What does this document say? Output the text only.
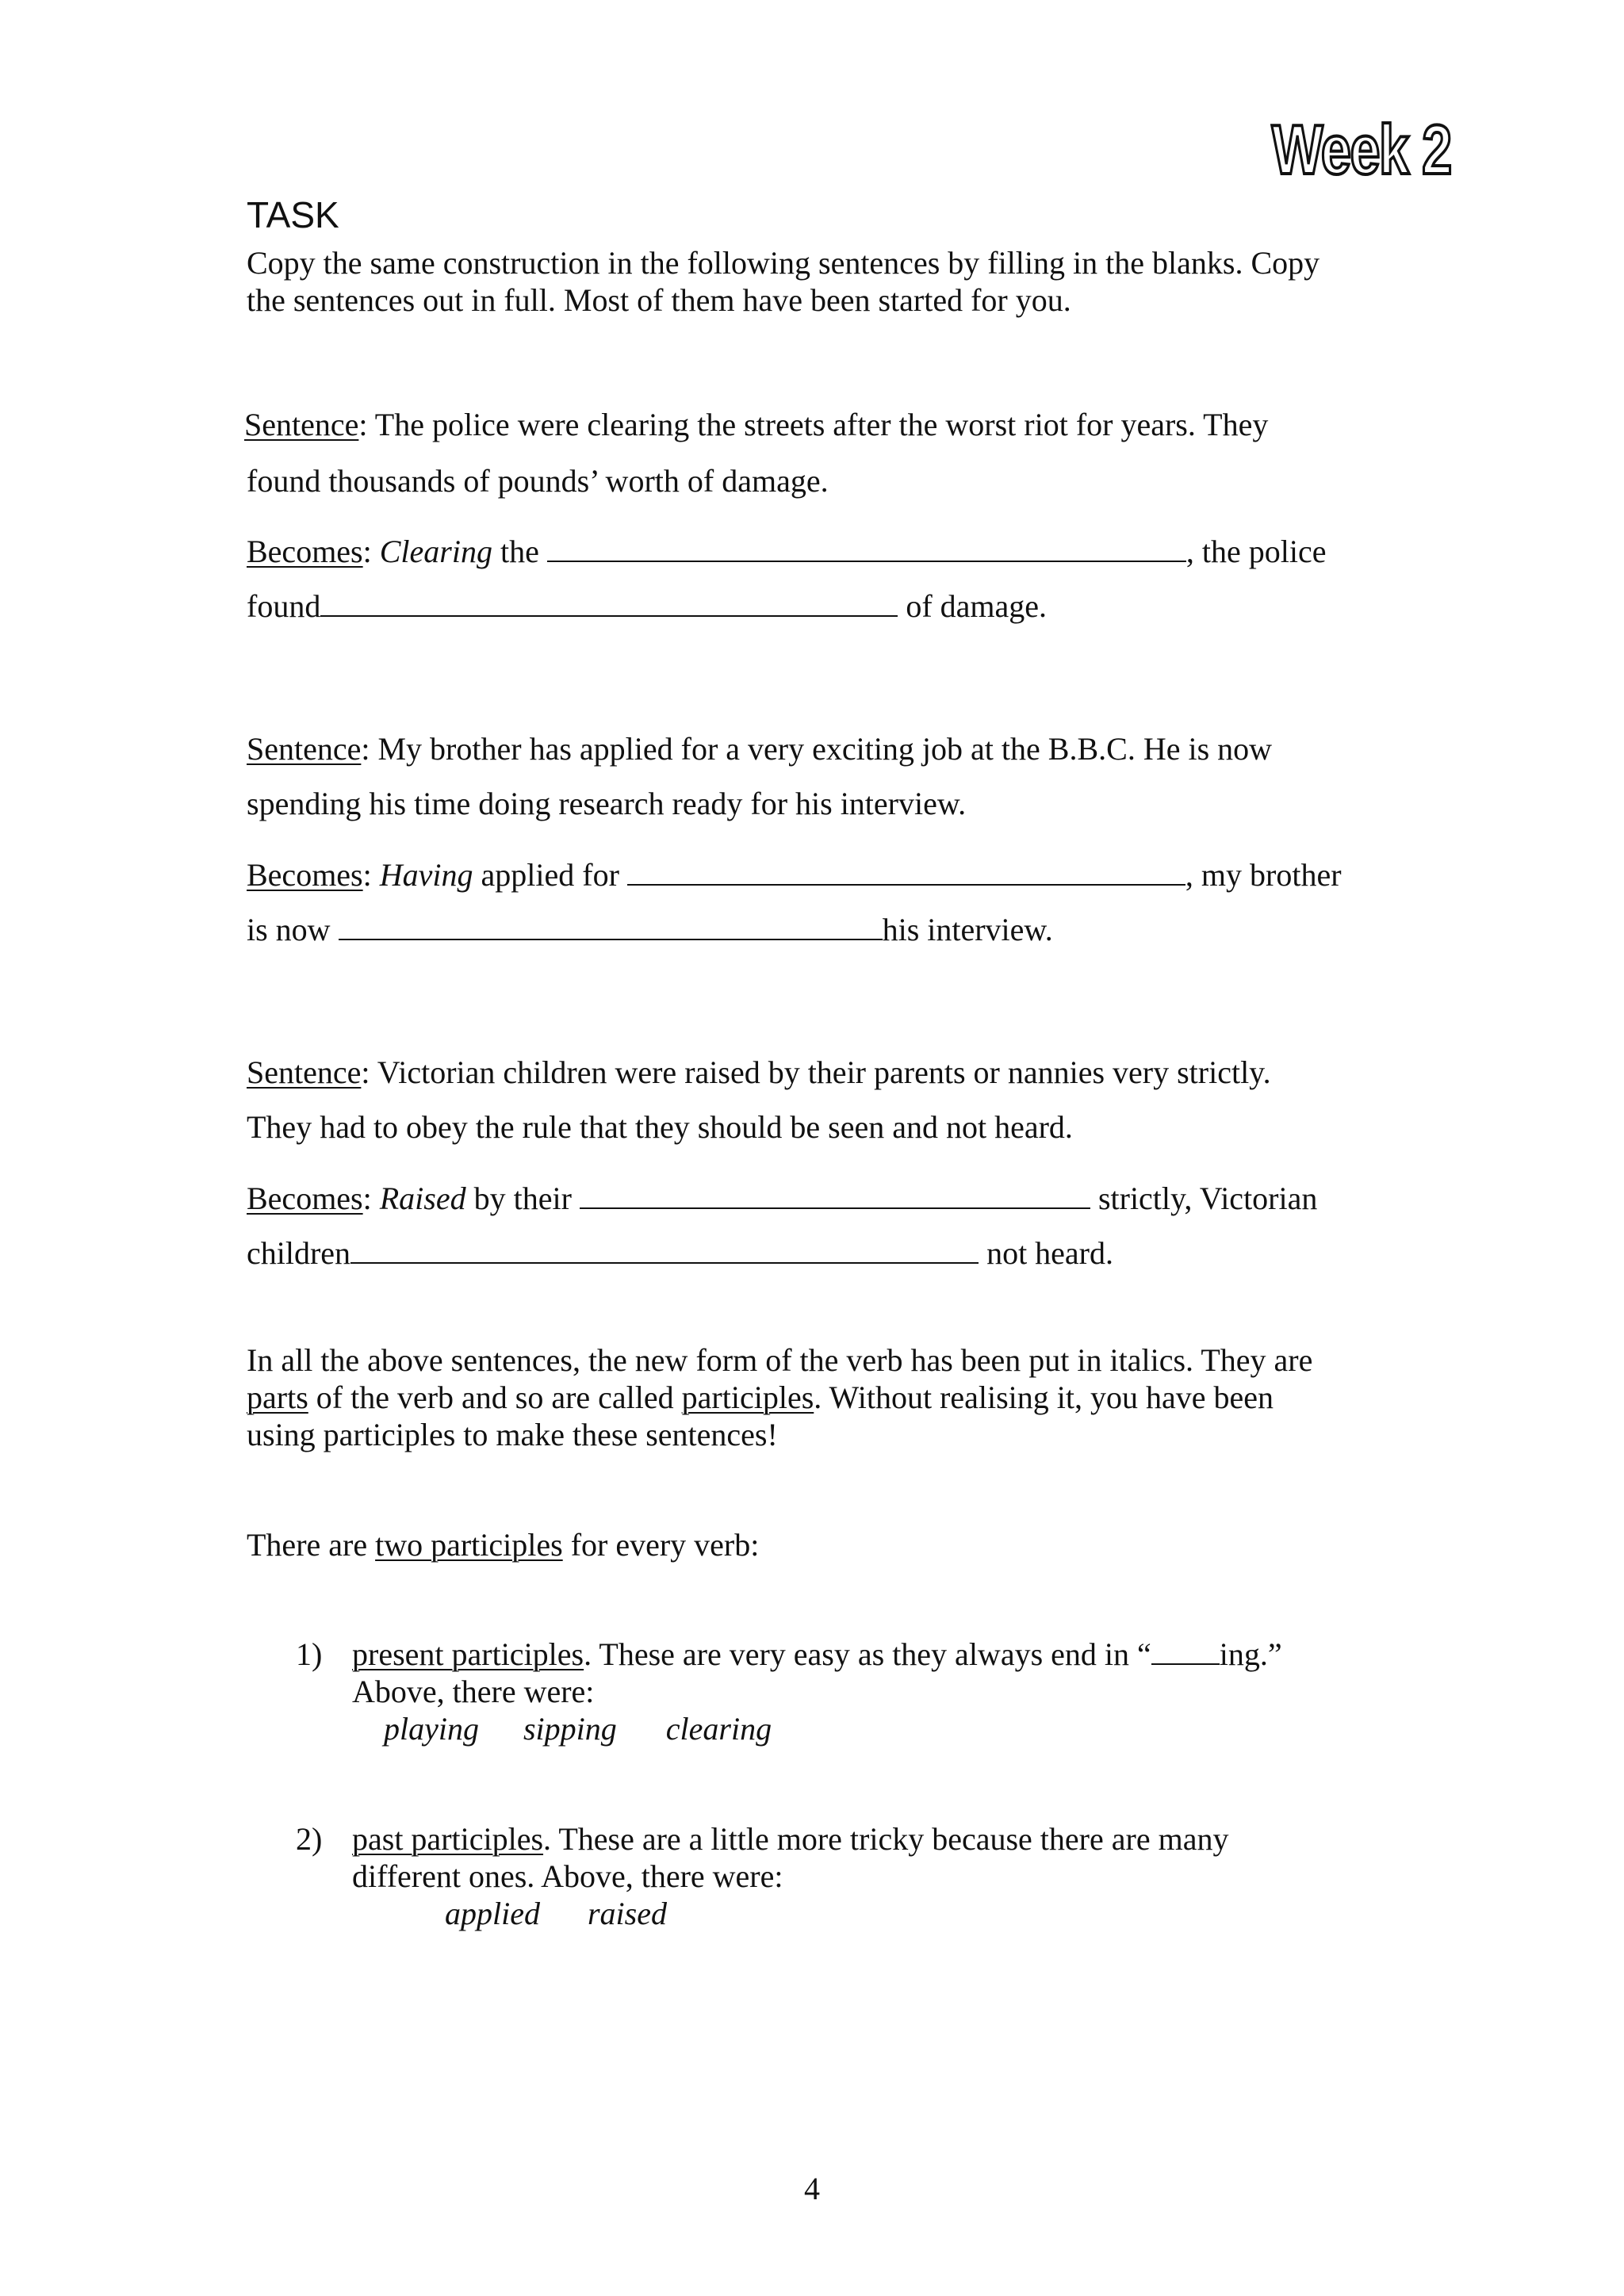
Week 2
TASK
Copy the same construction in the following sentences by filling in the blanks. Copy
the sentences out in full. Most of them have been started for you.
Sentence: The police were clearing the streets after the worst riot for years. They
found thousands of pounds’ worth of damage.
Becomes: Clearing the	, the police
found	of damage.
Sentence: My brother has applied for a very exciting job at the B.B.C. He is now
spending his time doing research ready for his interview.
Becomes: Having applied for	, my brother
is now	his interview.
Sentence: Victorian children were raised by their parents or nannies very strictly.
They had to obey the rule that they should be seen and not heard.
Becomes: Raised by their	strictly, Victorian
children	not heard.
In all the above sentences, the new form of the verb has been put in italics. They are
parts of the verb and so are called participles. Without realising it, you have been
using participles to make these sentences!
There are two participles for every verb:
1) present participles. These are very easy as they always end in “ ing.”
Above, there were:
playing sipping clearing
2) past participles. These are a little more tricky because there are many
different ones. Above, there were:
applied raised
4
